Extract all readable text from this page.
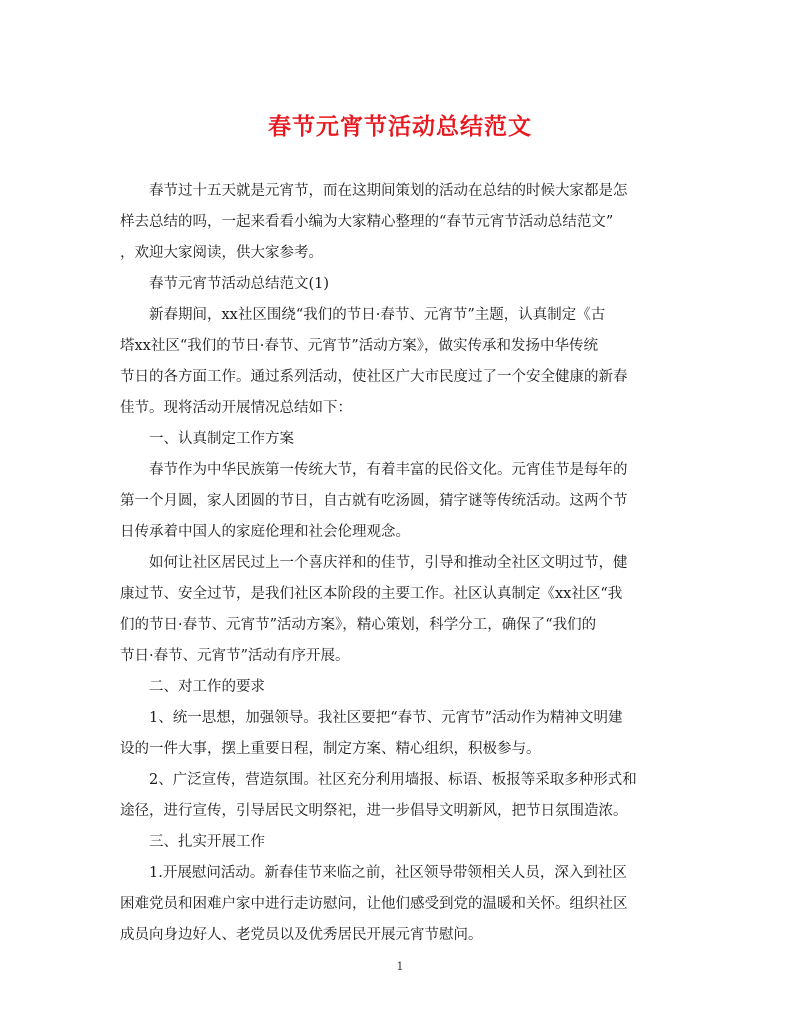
春节元宵节活动总结范文

春节过十五天就是元宵节，而在这期间策划的活动在总结的时候大家都是怎
样去总结的吗，一起来看看小编为大家精心整理的“春节元宵节活动总结范文”
，欢迎大家阅读，供大家参考。

春节元宵节活动总结范文(1)

新春期间，xx社区围绕“我们的节日·春节、元宵节”主题，认真制定《古
塔xx社区“我们的节日·春节、元宵节”活动方案》，做实传承和发扬中华传统
节日的各方面工作。通过系列活动，使社区广大市民度过了一个安全健康的新春
佳节。现将活动开展情况总结如下：

一、认真制定工作方案

春节作为中华民族第一传统大节，有着丰富的民俗文化。元宵佳节是每年的
第一个月圆，家人团圆的节日，自古就有吃汤圆，猜字谜等传统活动。这两个节
日传承着中国人的家庭伦理和社会伦理观念。

如何让社区居民过上一个喜庆祥和的佳节，引导和推动全社区文明过节，健
康过节、安全过节，是我们社区本阶段的主要工作。社区认真制定《xx社区“我
们的节日·春节、元宵节”活动方案》，精心策划，科学分工，确保了“我们的
节日·春节、元宵节”活动有序开展。

二、对工作的要求

1、统一思想，加强领导。我社区要把“春节、元宵节”活动作为精神文明建
设的一件大事，摆上重要日程，制定方案、精心组织，积极参与。

2、广泛宣传，营造氛围。社区充分利用墙报、标语、板报等采取多种形式和
途径，进行宣传，引导居民文明祭祀，进一步倡导文明新风，把节日氛围造浓。

三、扎实开展工作

1.开展慰问活动。新春佳节来临之前，社区领导带领相关人员，深入到社区
困难党员和困难户家中进行走访慰问，让他们感受到党的温暖和关怀。组织社区
成员向身边好人、老党员以及优秀居民开展元宵节慰问。

1
